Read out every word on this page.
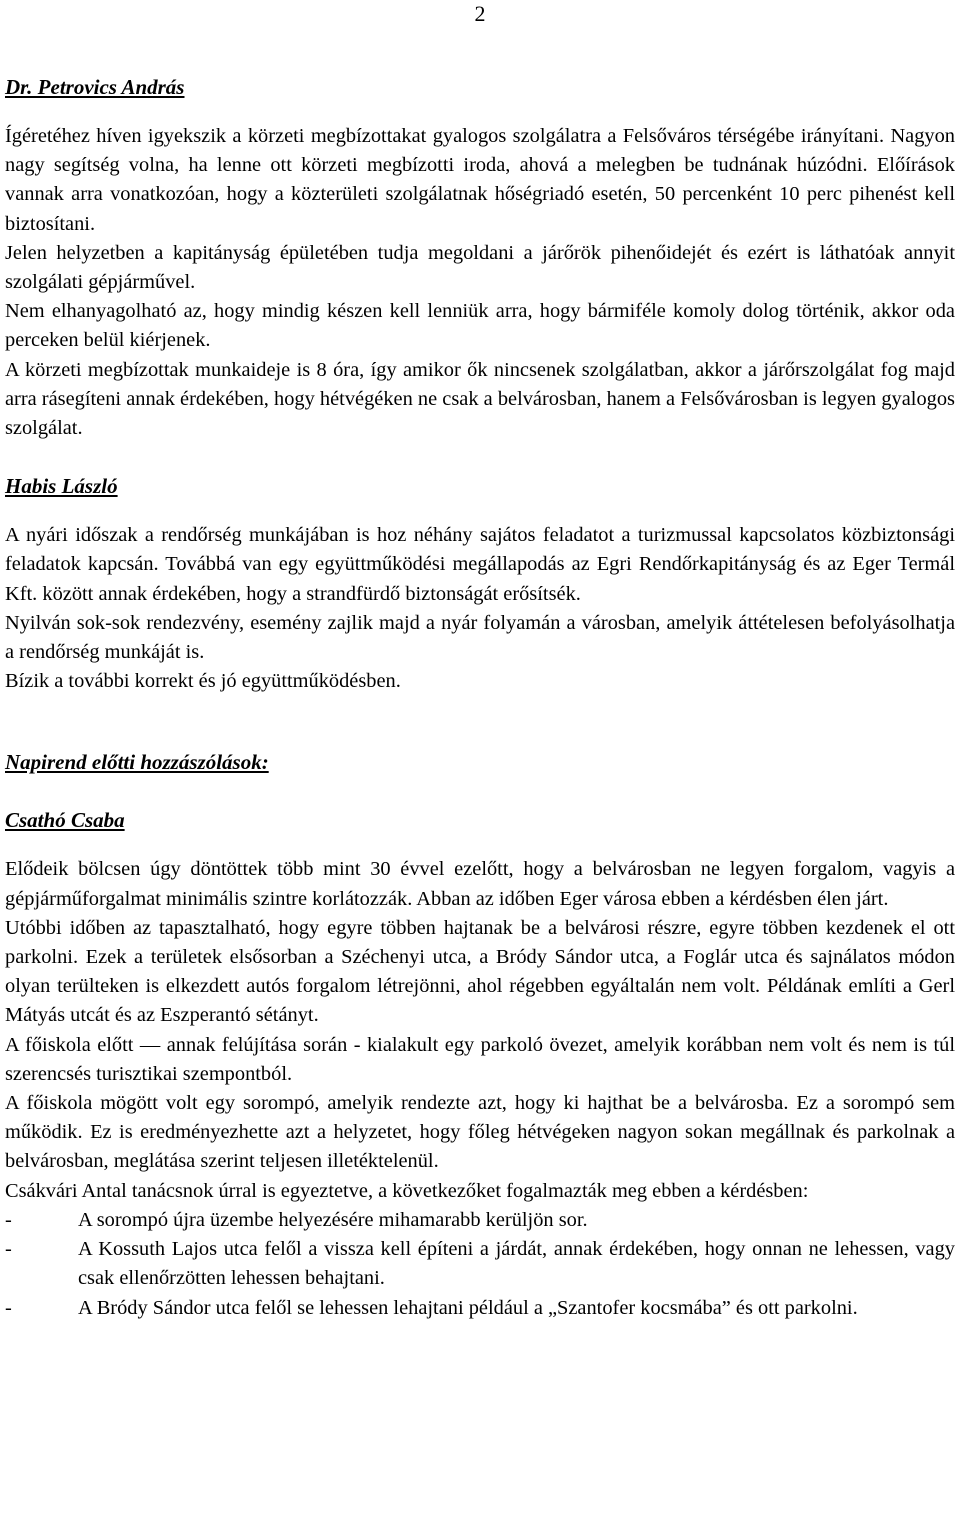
2

Dr. Petrovics András

Ígéretéhez híven igyekszik a körzeti megbízottakat gyalogos szolgálatra a Felsőváros térségébe irányítani. Nagyon nagy segítség volna, ha lenne ott körzeti megbízotti iroda, ahová a melegben be tudnának húzódni. Előírások vannak arra vonatkozóan, hogy a közterületi szolgálatnak hőségriadó esetén, 50 percenként 10 perc pihenést kell biztosítani.

Jelen helyzetben a kapitányság épületében tudja megoldani a járőrök pihenőidejét és ezért is láthatóak annyit szolgálati gépjárművel.

Nem elhanyagolható az, hogy mindig készen kell lenniük arra, hogy bármiféle komoly dolog történik, akkor oda perceken belül kiérjenek.

A körzeti megbízottak munkaideje is 8 óra, így amikor ők nincsenek szolgálatban, akkor a járőrszolgálat fog majd arra rásegíteni annak érdekében, hogy hétvégéken ne csak a belvárosban, hanem a Felsővárosban is legyen gyalogos szolgálat.

Habis László

A nyári időszak a rendőrség munkájában is hoz néhány sajátos feladatot a turizmussal kapcsolatos közbiztonsági feladatok kapcsán. Továbbá van egy együttműködési megállapodás az Egri Rendőrkapitányság és az Eger Termál Kft. között annak érdekében, hogy a strandfürdő biztonságát erősítsék.

Nyilván sok-sok rendezvény, esemény zajlik majd a nyár folyamán a városban, amelyik áttételesen befolyásolhatja a rendőrség munkáját is.

Bízik a további korrekt és jó együttműködésben.

Napirend előtti hozzászólások:

Csathó Csaba

Elődeik bölcsen úgy döntöttek több mint 30 évvel ezelőtt, hogy a belvárosban ne legyen forgalom, vagyis a gépjárműforgalmat minimális szintre korlátozzák. Abban az időben Eger városa ebben a kérdésben élen járt.

Utóbbi időben az tapasztalható, hogy egyre többen hajtanak be a belvárosi részre, egyre többen kezdenek el ott parkolni. Ezek a területek elsősorban a Széchenyi utca, a Bródy Sándor utca, a Foglár utca és sajnálatos módon olyan terülteken is elkezdett autós forgalom létrejönni, ahol régebben egyáltalán nem volt. Példának említi a Gerl Mátyás utcát és az Eszperantó sétányt.

A főiskola előtt — annak felújítása során - kialakult egy parkoló övezet, amelyik korábban nem volt és nem is túl szerencsés turisztikai szempontból.

A főiskola mögött volt egy sorompó, amelyik rendezte azt, hogy ki hajthat be a belvárosba. Ez a sorompó sem működik. Ez is eredményezhette azt a helyzetet, hogy főleg hétvégeken nagyon sokan megállnak és parkolnak a belvárosban, meglátása szerint teljesen illetéktelenül.

Csákvári Antal tanácsnok úrral is egyeztetve, a következőket fogalmazták meg ebben a kérdésben:

-	A sorompó újra üzembe helyezésére mihamarabb kerüljön sor.
-	A Kossuth Lajos utca felől a vissza kell építeni a járdát, annak érdekében, hogy onnan ne lehessen, vagy csak ellenőrzötten lehessen behajtani.
-	A Bródy Sándor utca felől se lehessen lehajtani például a „Szantofer kocsmába” és ott parkolni.
